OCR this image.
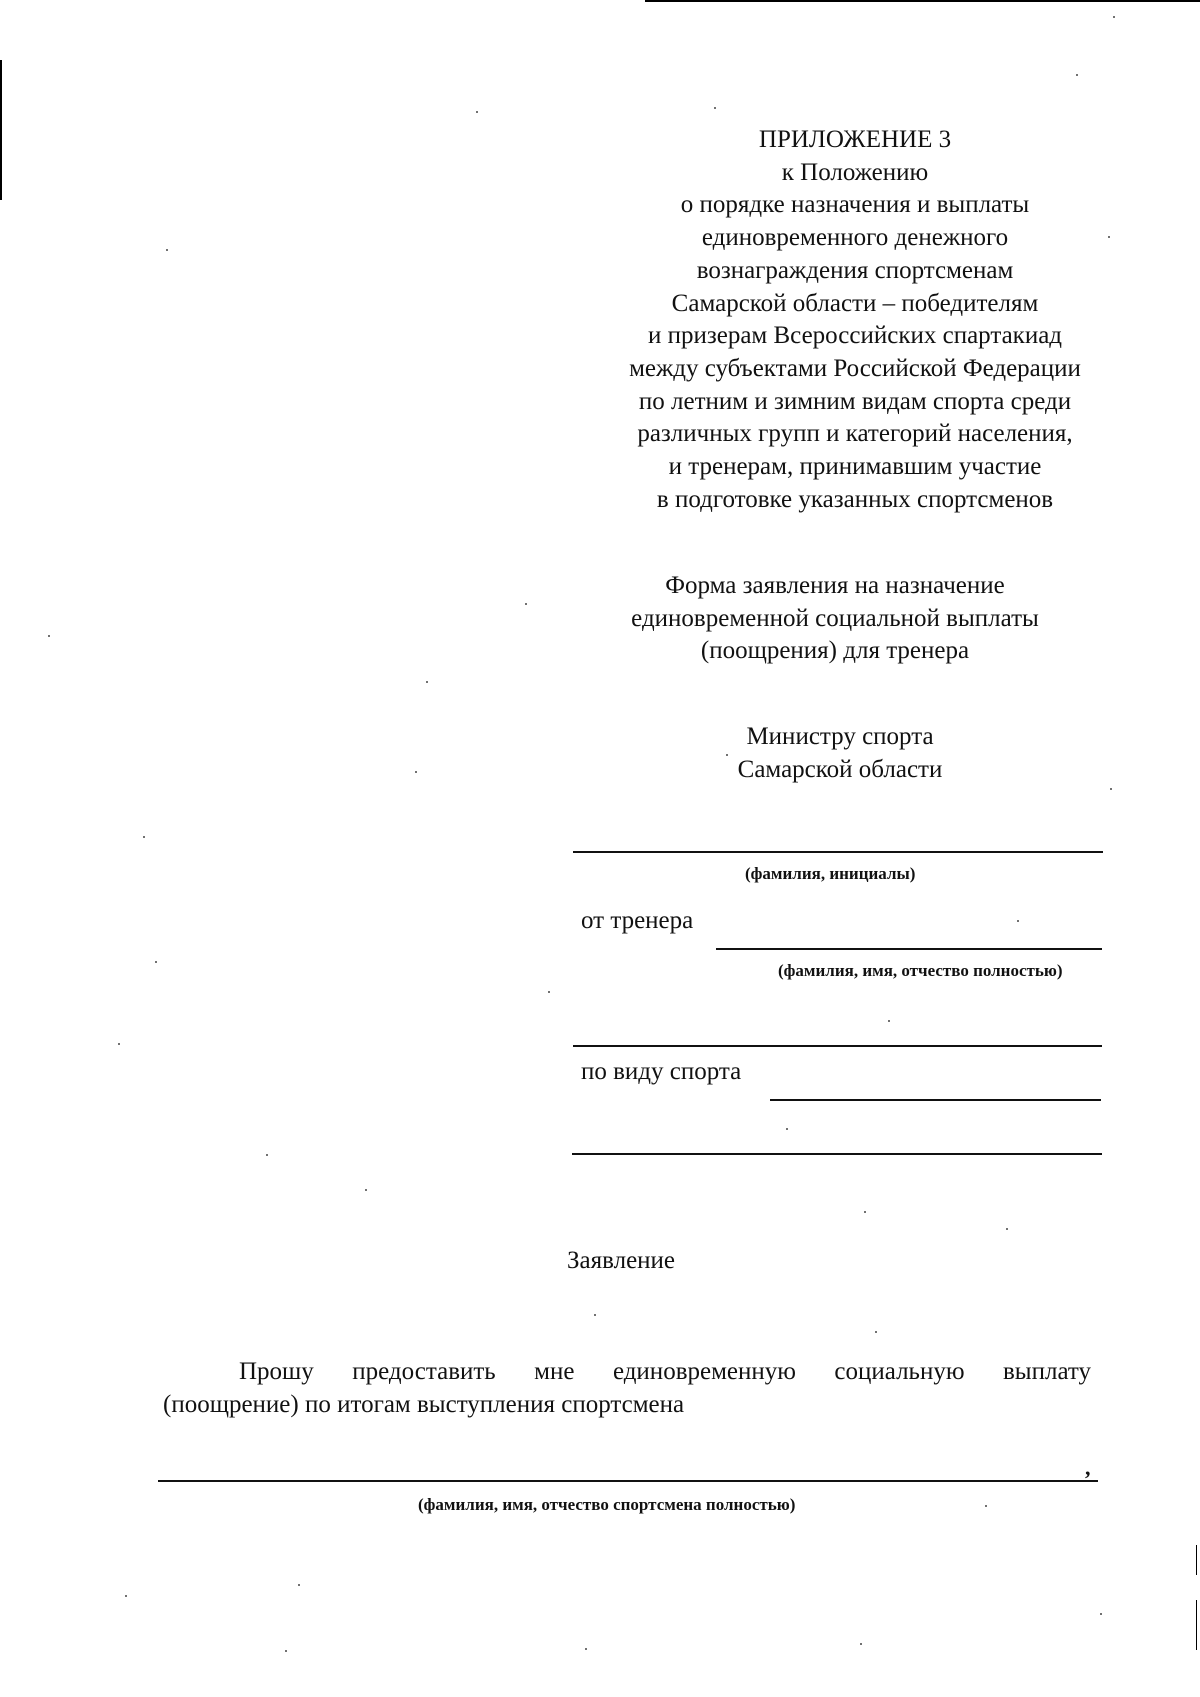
ПРИЛОЖЕНИЕ 3
к Положению
о порядке назначения и выплаты
единовременного денежного
вознаграждения спортсменам
Самарской области – победителям
и призерам Всероссийских спартакиад
между субъектами Российской Федерации
по летним и зимним видам спорта среди
различных групп и категорий населения,
и тренерам, принимавшим участие
в подготовке указанных спортсменов
Форма заявления на назначение
единовременной социальной выплаты
(поощрения) для тренера
Министру спорта
Самарской области
(фамилия, инициалы)
от тренера
(фамилия, имя, отчество полностью)
по виду спорта
Заявление
Прошу предоставить мне единовременную социальную выплату
(поощрение) по итогам выступления спортсмена
,
(фамилия, имя, отчество спортсмена полностью)
